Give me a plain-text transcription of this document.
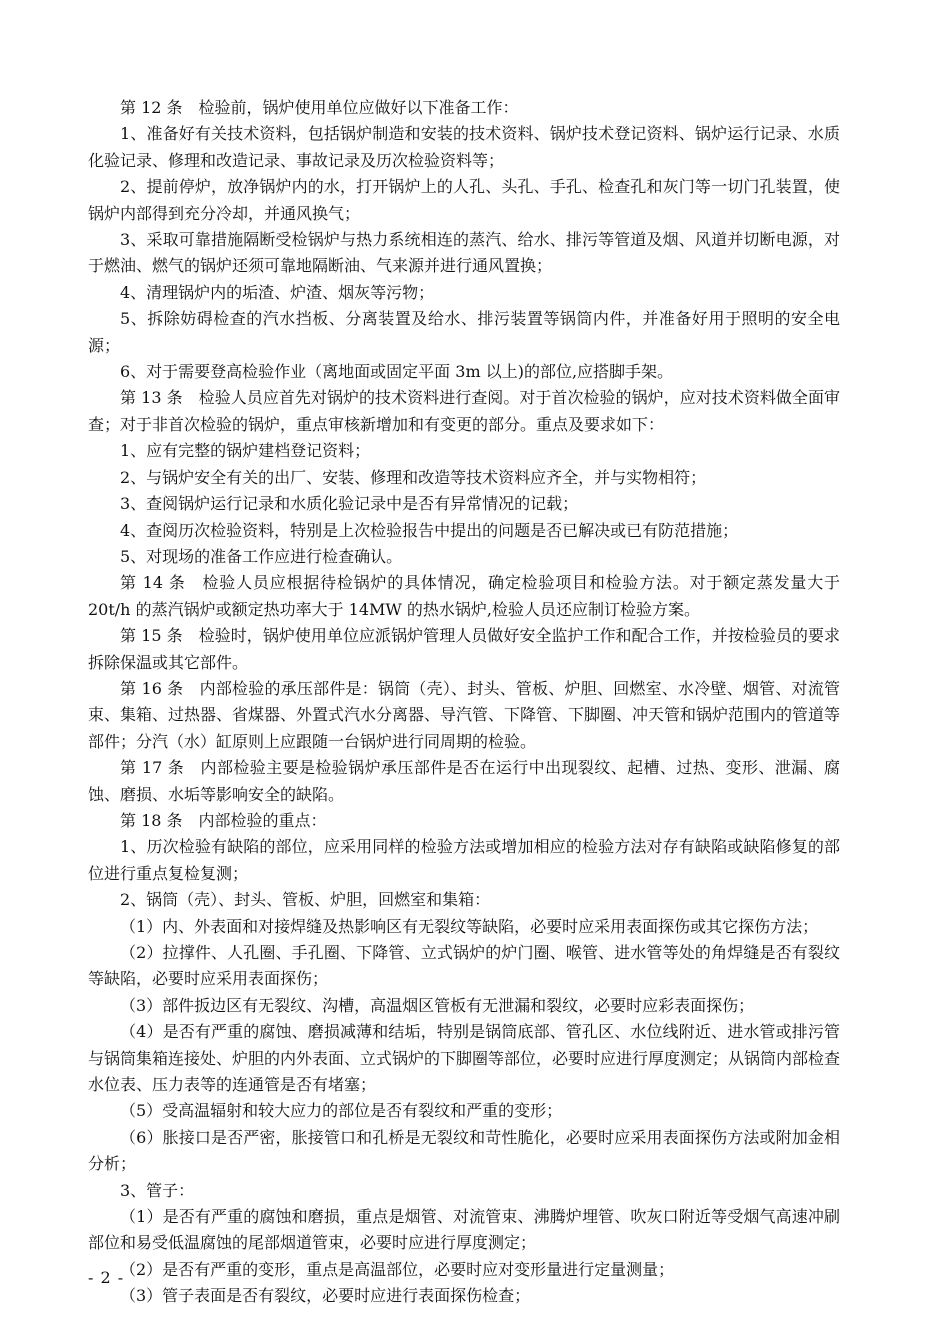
第 12 条　检验前，锅炉使用单位应做好以下准备工作：

1、准备好有关技术资料，包括锅炉制造和安装的技术资料、锅炉技术登记资料、锅炉运行记录、水质化验记录、修理和改造记录、事故记录及历次检验资料等；

2、提前停炉，放净锅炉内的水，打开锅炉上的人孔、头孔、手孔、检查孔和灰门等一切门孔装置，使锅炉内部得到充分冷却，并通风换气；

3、采取可靠措施隔断受检锅炉与热力系统相连的蒸汽、给水、排污等管道及烟、风道并切断电源，对于燃油、燃气的锅炉还须可靠地隔断油、气来源并进行通风置换；

4、清理锅炉内的垢渣、炉渣、烟灰等污物；

5、拆除妨碍检查的汽水挡板、分离装置及给水、排污装置等锅筒内件，并准备好用于照明的安全电源；

6、对于需要登高检验作业（离地面或固定平面 3m 以上)的部位,应搭脚手架。

第 13 条　检验人员应首先对锅炉的技术资料进行查阅。对于首次检验的锅炉，应对技术资料做全面审查；对于非首次检验的锅炉，重点审核新增加和有变更的部分。重点及要求如下：

1、应有完整的锅炉建档登记资料；

2、与锅炉安全有关的出厂、安装、修理和改造等技术资料应齐全，并与实物相符；

3、查阅锅炉运行记录和水质化验记录中是否有异常情况的记载；

4、查阅历次检验资料，特别是上次检验报告中提出的问题是否已解决或已有防范措施；

5、对现场的准备工作应进行检查确认。

第 14 条　检验人员应根据待检锅炉的具体情况，确定检验项目和检验方法。对于额定蒸发量大于 20t/h 的蒸汽锅炉或额定热功率大于 14MW 的热水锅炉,检验人员还应制订检验方案。

第 15 条　检验时，锅炉使用单位应派锅炉管理人员做好安全监护工作和配合工作，并按检验员的要求拆除保温或其它部件。

第 16 条　内部检验的承压部件是：锅筒（壳）、封头、管板、炉胆、回燃室、水冷壁、烟管、对流管束、集箱、过热器、省煤器、外置式汽水分离器、导汽管、下降管、下脚圈、冲天管和锅炉范围内的管道等部件；分汽（水）缸原则上应跟随一台锅炉进行同周期的检验。

第 17 条　内部检验主要是检验锅炉承压部件是否在运行中出现裂纹、起槽、过热、变形、泄漏、腐蚀、磨损、水垢等影响安全的缺陷。

第 18 条　内部检验的重点：

1、历次检验有缺陷的部位，应采用同样的检验方法或增加相应的检验方法对存有缺陷或缺陷修复的部位进行重点复检复测；

2、锅筒（壳）、封头、管板、炉胆，回燃室和集箱：

（1）内、外表面和对接焊缝及热影响区有无裂纹等缺陷，必要时应采用表面探伤或其它探伤方法；

（2）拉撑件、人孔圈、手孔圈、下降管、立式锅炉的炉门圈、喉管、进水管等处的角焊缝是否有裂纹等缺陷，必要时应采用表面探伤；

（3）部件扳边区有无裂纹、沟槽，高温烟区管板有无泄漏和裂纹，必要时应彩表面探伤；

（4）是否有严重的腐蚀、磨损减薄和结垢，特别是锅筒底部、管孔区、水位线附近、进水管或排污管与锅筒集箱连接处、炉胆的内外表面、立式锅炉的下脚圈等部位，必要时应进行厚度测定；从锅筒内部检查水位表、压力表等的连通管是否有堵塞；

（5）受高温辐射和较大应力的部位是否有裂纹和严重的变形；

（6）胀接口是否严密，胀接管口和孔桥是无裂纹和苛性脆化，必要时应采用表面探伤方法或附加金相分析；

3、管子：

（1）是否有严重的腐蚀和磨损，重点是烟管、对流管束、沸腾炉埋管、吹灰口附近等受烟气高速冲刷部位和易受低温腐蚀的尾部烟道管束，必要时应进行厚度测定；

（2）是否有严重的变形，重点是高温部位，必要时应对变形量进行定量测量；

（3）管子表面是否有裂纹，必要时应进行表面探伤检查；

- 2 -
